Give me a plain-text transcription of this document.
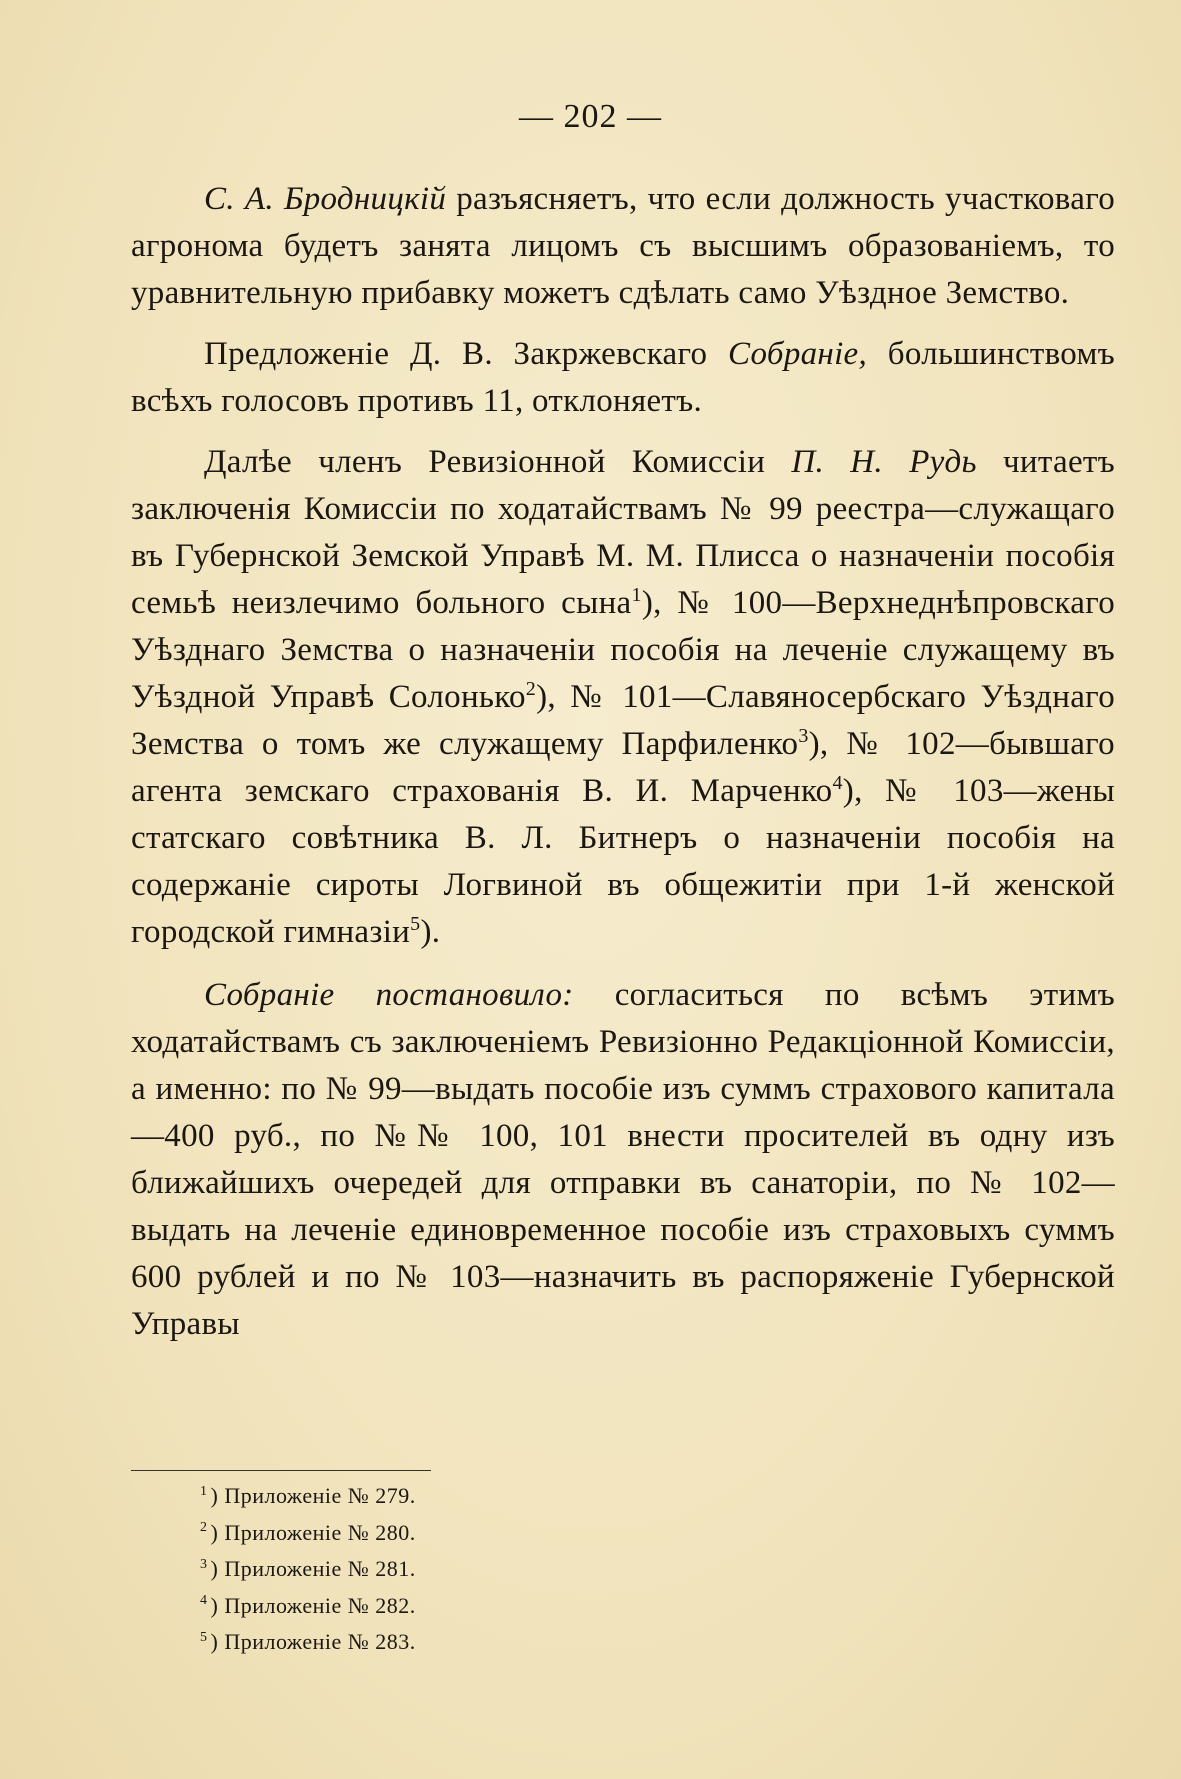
— 202 —

С. А. Бродницкій разъясняетъ, что если должность участковаго агронома будетъ занята лицомъ съ высшимъ образованіемъ, то уравнительную прибавку можетъ сдѣлать само Уѣздное Земство.

Предложеніе Д. В. Закржевскаго Собраніе, большинствомъ всѣхъ голосовъ противъ 11, отклоняетъ.

Далѣе членъ Ревизіонной Комиссіи П. Н. Рудь читаетъ заключенія Комиссіи по ходатайствамъ № 99 реестра—служащаго въ Губернской Земской Управѣ М. М. Плисса о назначеніи пособія семьѣ неизлечимо больного сына$^1$), № 100—Верхнеднѣпровскаго Уѣзднаго Земства о назначеніи пособія на леченіе служащему въ Уѣздной Управѣ Солонько$^2$), № 101—Славяносербскаго Уѣзднаго Земства о томъ же служащему Парфиленко$^3$), № 102—бывшаго агента земскаго страхованія В. И. Марченко$^4$), № 103—жены статскаго совѣтника В. Л. Битнеръ о назначеніи пособія на содержаніе сироты Логвиной въ общежитіи при 1-й женской городской гимназіи$^5$).

Собраніе постановило: согласиться по всѣмъ этимъ ходатайствамъ съ заключеніемъ Ревизіонно Редакціонной Комиссіи, а именно: по № 99—выдать пособіе изъ суммъ страхового капитала—400 руб., по №№ 100, 101 внести просителей въ одну изъ ближайшихъ очередей для отправки въ санаторіи, по № 102—выдать на леченіе единовременное пособіе изъ страховыхъ суммъ 600 рублей и по № 103—назначить въ распоряженіе Губернской Управы

$^1$ ) Приложеніе № 279.
$^2$ ) Приложеніе № 280.
$^3$ ) Приложеніе № 281.
$^4$ ) Приложеніе № 282.
$^5$ ) Приложеніе № 283.
